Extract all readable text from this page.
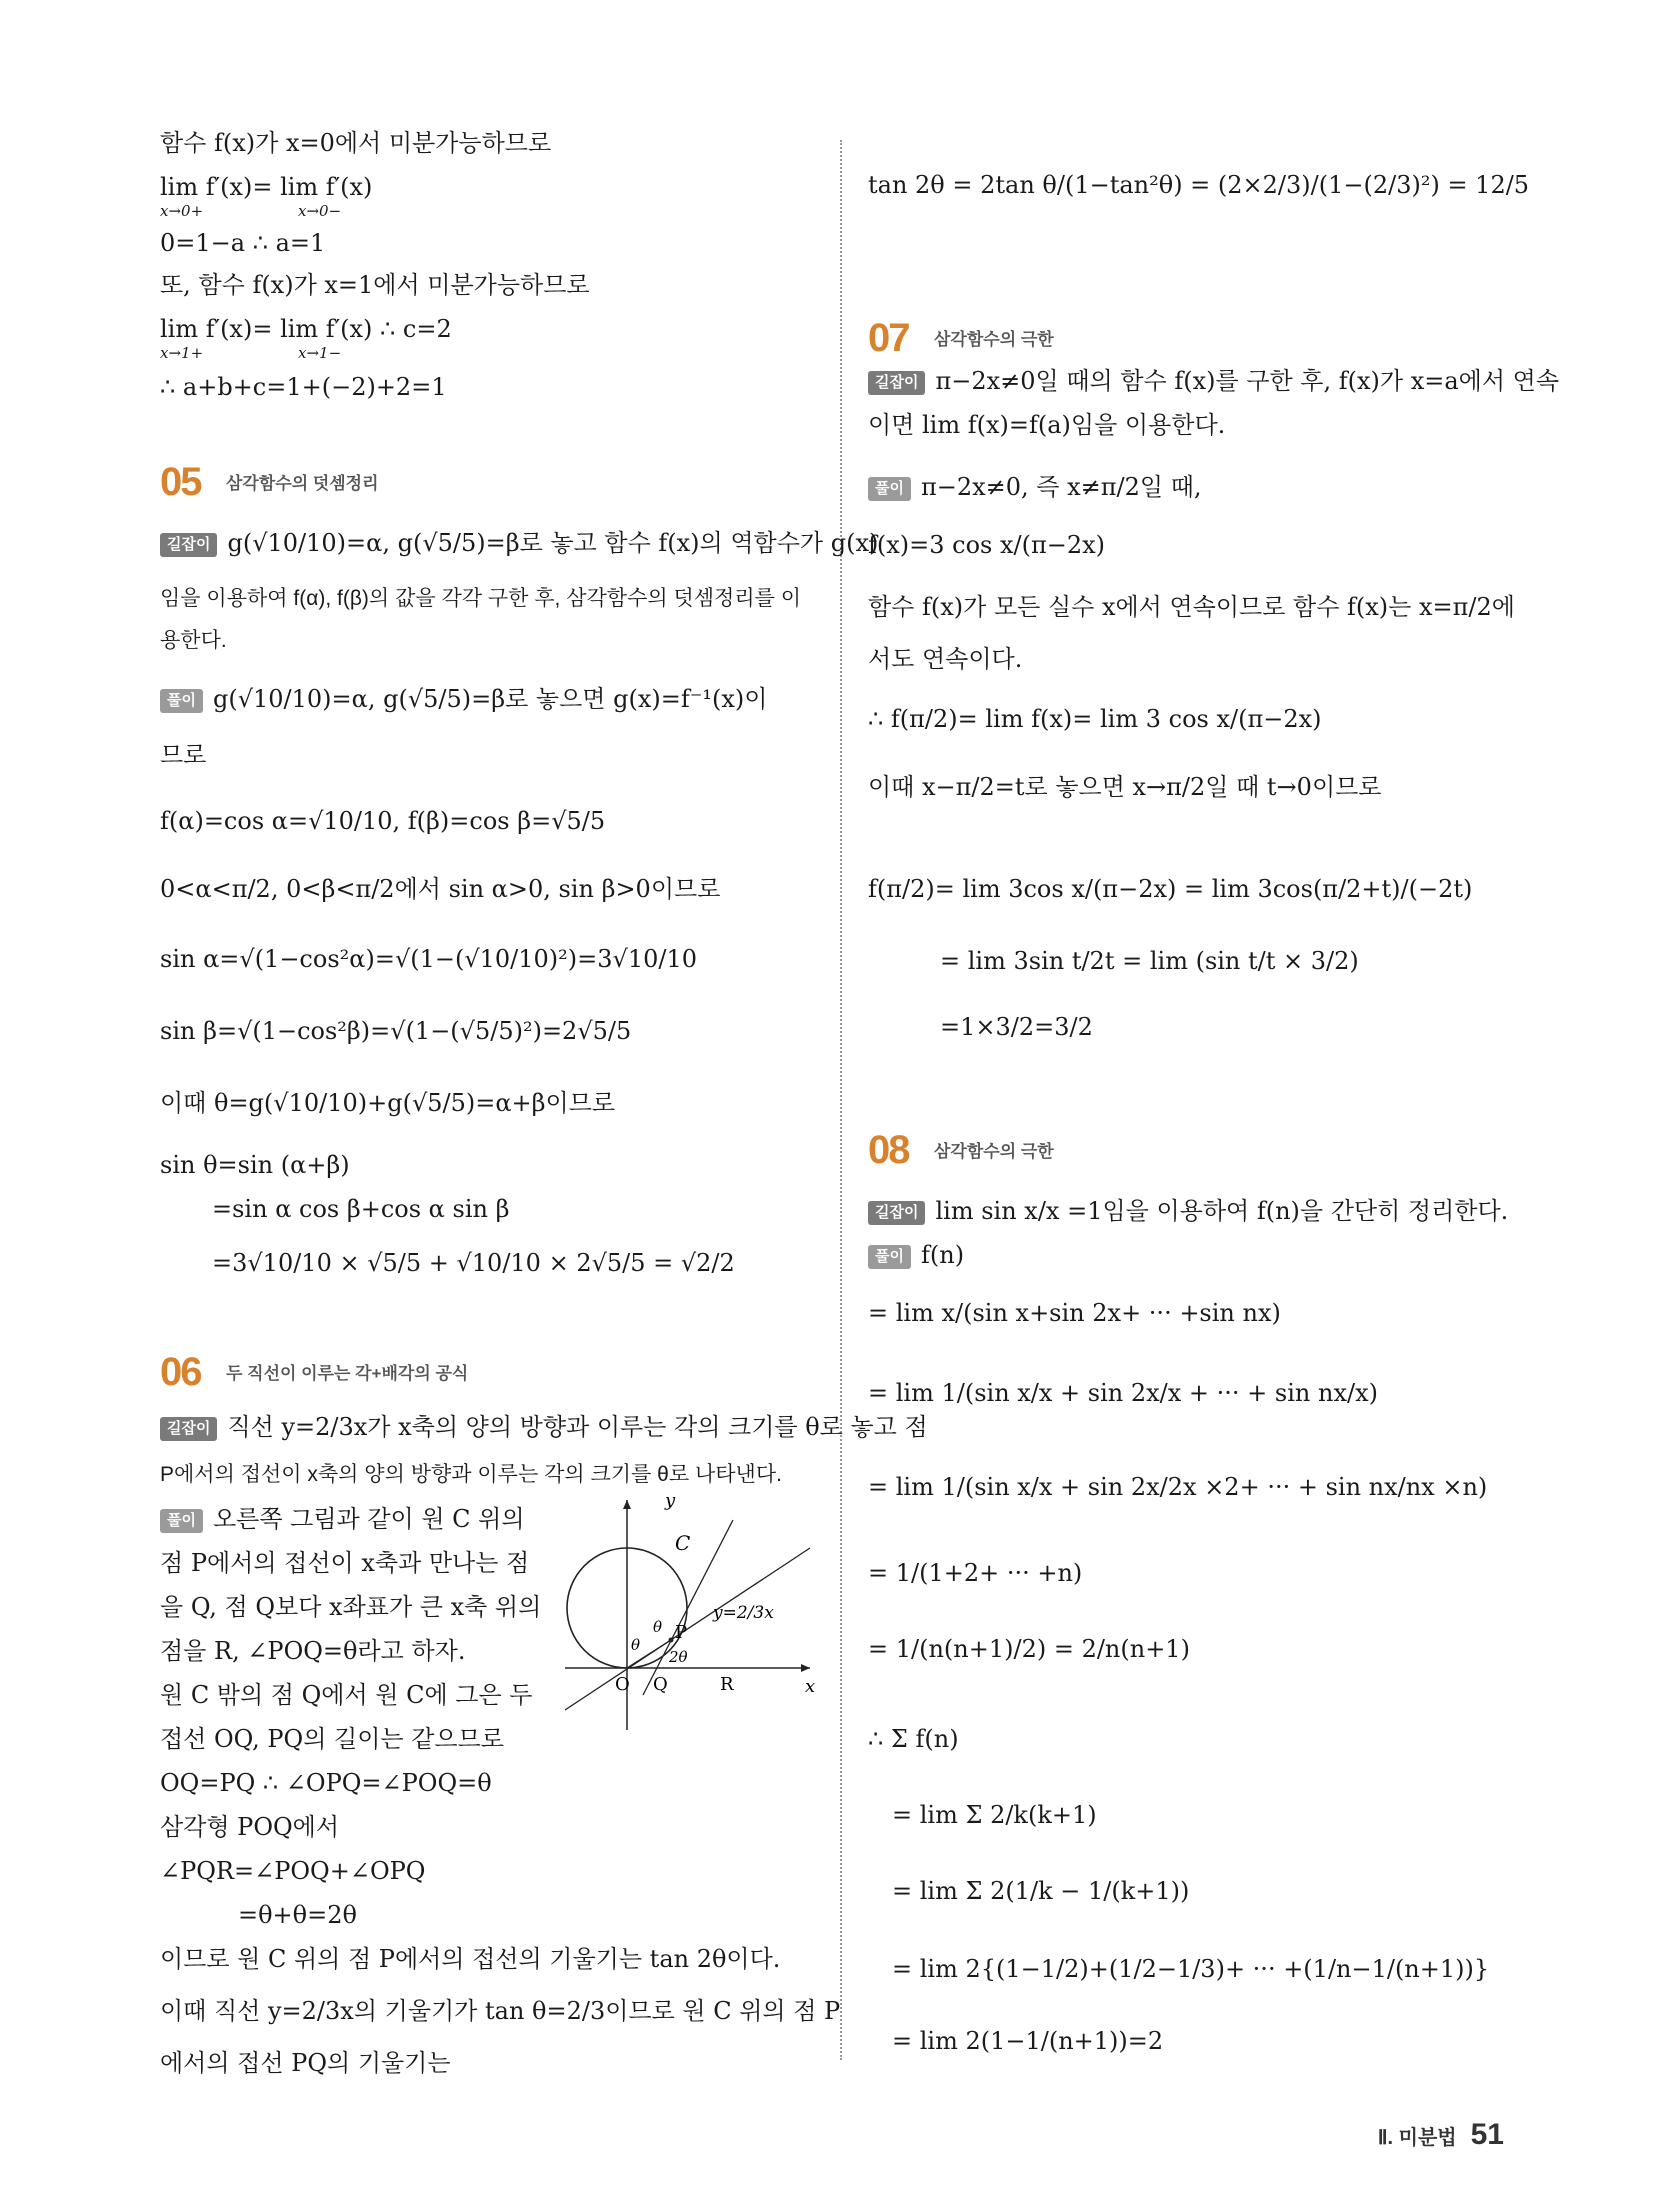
함수 f(x)가 x=0에서 미분가능하므로
lim f′(x)= lim f′(x)
x→0+	x→0−
0=1−a ∴ a=1
또, 함수 f(x)가 x=1에서 미분가능하므로
lim f′(x)= lim f′(x) ∴ c=2
x→1+	x→1−
∴ a+b+c=1+(−2)+2=1
05 삼각함수의 덧셈정리
길잡이 g(√10/10)=α, g(√5/5)=β로 놓고 함수 f(x)의 역함수가 g(x)
임을 이용하여 f(α), f(β)의 값을 각각 구한 후, 삼각함수의 덧셈정리를 이
용한다.
풀이 g(√10/10)=α, g(√5/5)=β로 놓으면 g(x)=f⁻¹(x)이
므로
f(α)=cos α=√10/10, f(β)=cos β=√5/5
0<α<π/2, 0<β<π/2에서 sin α>0, sin β>0이므로
sin α=√(1−cos²α)=√(1−(√10/10)²)=3√10/10
sin β=√(1−cos²β)=√(1−(√5/5)²)=2√5/5
이때 θ=g(√10/10)+g(√5/5)=α+β이므로
sin θ=sin (α+β)
=sin α cos β+cos α sin β
=3√10/10 × √5/5 + √10/10 × 2√5/5 = √2/2
06 두 직선이 이루는 각+배각의 공식
길잡이 직선 y=2/3x가 x축의 양의 방향과 이루는 각의 크기를 θ로 놓고 점
P에서의 접선이 x축의 양의 방향과 이루는 각의 크기를 θ로 나타낸다.
풀이 오른쪽 그림과 같이 원 C 위의
점 P에서의 접선이 x축과 만나는 점
을 Q, 점 Q보다 x좌표가 큰 x축 위의
점을 R, ∠POQ=θ라고 하자.
원 C 밖의 점 Q에서 원 C에 그은 두
접선 OQ, PQ의 길이는 같으므로
OQ=PQ ∴ ∠OPQ=∠POQ=θ
삼각형 POQ에서
∠PQR=∠POQ+∠OPQ
=θ+θ=2θ
이므로 원 C 위의 점 P에서의 접선의 기울기는 tan 2θ이다.
이때 직선 y=2/3x의 기울기가 tan θ=2/3이므로 원 C 위의 점 P
에서의 접선 PQ의 기울기는
y
x
C
O Q	R
P
θ
θ
2θ
y=2/3x
tan 2θ = 2tan θ/(1−tan²θ) = (2×2/3)/(1−(2/3)²) = 12/5
07 삼각함수의 극한
길잡이 π−2x≠0일 때의 함수 f(x)를 구한 후, f(x)가 x=a에서 연속
이면 lim f(x)=f(a)임을 이용한다.
풀이 π−2x≠0, 즉 x≠π/2일 때,
f(x)=3 cos x/(π−2x)
함수 f(x)가 모든 실수 x에서 연속이므로 함수 f(x)는 x=π/2에
서도 연속이다.
∴ f(π/2)= lim f(x)= lim 3 cos x/(π−2x)
이때 x−π/2=t로 놓으면 x→π/2일 때 t→0이므로
f(π/2)= lim 3cos x/(π−2x) = lim 3cos(π/2+t)/(−2t)
= lim 3sin t/2t = lim (sin t/t × 3/2)
=1×3/2=3/2
08 삼각함수의 극한
길잡이 lim sin x/x =1임을 이용하여 f(n)을 간단히 정리한다.
풀이 f(n)
= lim x/(sin x+sin 2x+ ··· +sin nx)
= lim 1/(sin x/x + sin 2x/x + ··· + sin nx/x)
= lim 1/(sin x/x + sin 2x/2x ×2+ ··· + sin nx/nx ×n)
= 1/(1+2+ ··· +n)
= 1/(n(n+1)/2) = 2/n(n+1)
∴ Σ f(n)
= lim Σ 2/k(k+1)
= lim Σ 2(1/k − 1/(k+1))
= lim 2{(1−1/2)+(1/2−1/3)+ ··· +(1/n−1/(n+1))}
= lim 2(1−1/(n+1))=2
Ⅱ. 미분법 51
